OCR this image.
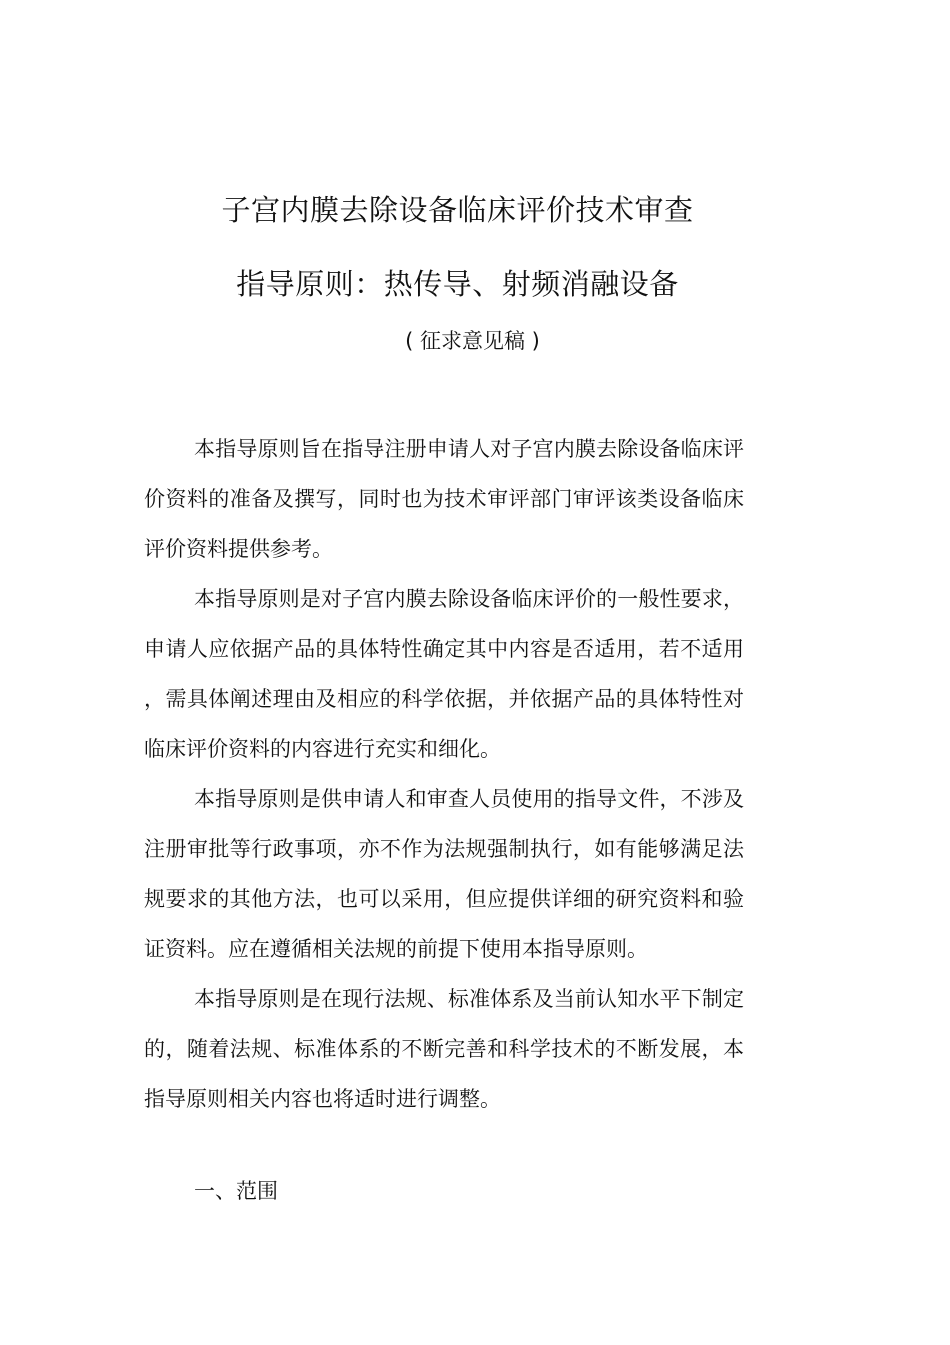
子宫内膜去除设备临床评价技术审查
指导原则：热传导、射频消融设备
( 征求意见稿 )

本指导原则旨在指导注册申请人对子宫内膜去除设备临床评价资料的准备及撰写，同时也为技术审评部门审评该类设备临床评价资料提供参考。

本指导原则是对子宫内膜去除设备临床评价的一般性要求，申请人应依据产品的具体特性确定其中内容是否适用，若不适用，需具体阐述理由及相应的科学依据，并依据产品的具体特性对临床评价资料的内容进行充实和细化。

本指导原则是供申请人和审查人员使用的指导文件，不涉及注册审批等行政事项，亦不作为法规强制执行，如有能够满足法规要求的其他方法，也可以采用，但应提供详细的研究资料和验证资料。应在遵循相关法规的前提下使用本指导原则。

本指导原则是在现行法规、标准体系及当前认知水平下制定的，随着法规、标准体系的不断完善和科学技术的不断发展，本指导原则相关内容也将适时进行调整。

一、范围
